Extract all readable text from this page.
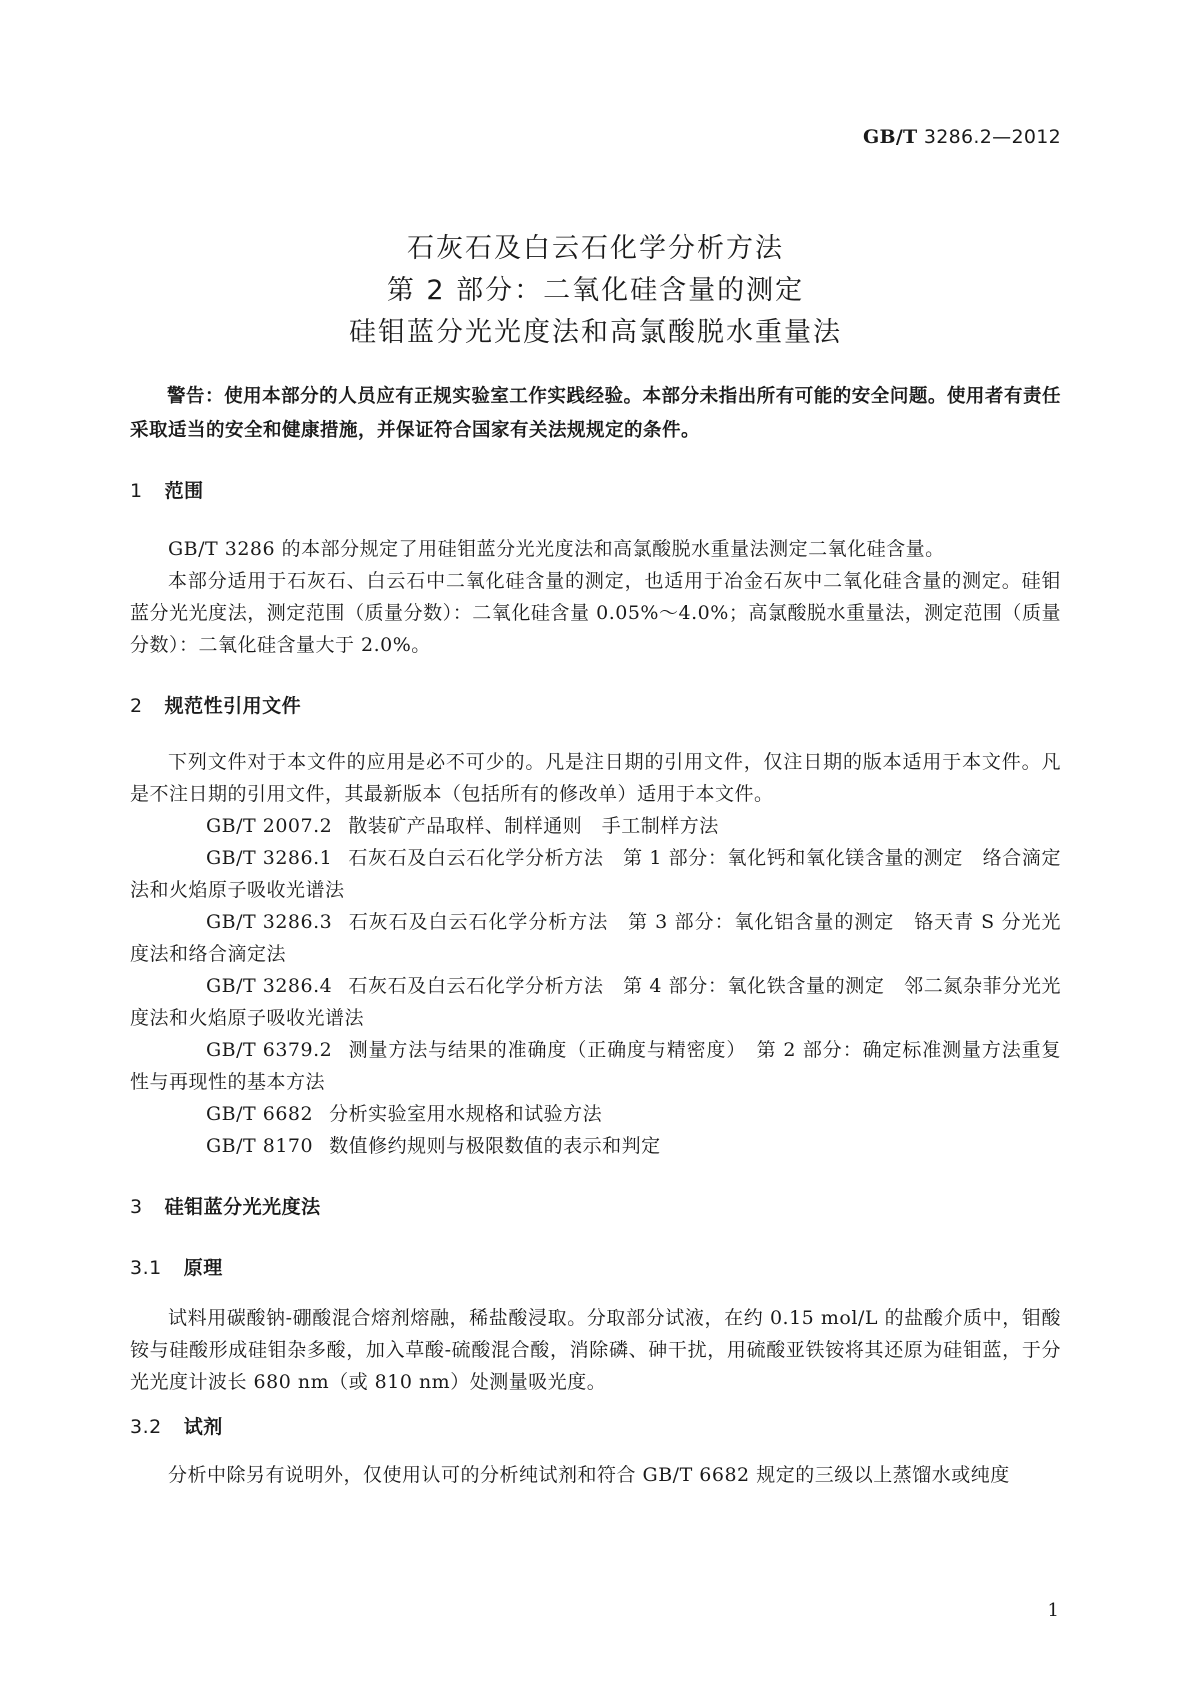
GB/T 3286.2—2012
石灰石及白云石化学分析方法
第 2 部分：二氧化硅含量的测定
硅钼蓝分光光度法和高氯酸脱水重量法

警告：使用本部分的人员应有正规实验室工作实践经验。本部分未指出所有可能的安全问题。使用者有责任采取适当的安全和健康措施，并保证符合国家有关法规规定的条件。

1 范围

GB/T 3286 的本部分规定了用硅钼蓝分光光度法和高氯酸脱水重量法测定二氧化硅含量。

本部分适用于石灰石、白云石中二氧化硅含量的测定，也适用于冶金石灰中二氧化硅含量的测定。硅钼蓝分光光度法，测定范围（质量分数）：二氧化硅含量 0.05%～4.0%；高氯酸脱水重量法，测定范围（质量分数）：二氧化硅含量大于 2.0%。

2 规范性引用文件

下列文件对于本文件的应用是必不可少的。凡是注日期的引用文件，仅注日期的版本适用于本文件。凡是不注日期的引用文件，其最新版本（包括所有的修改单）适用于本文件。

GB/T 2007.2 散装矿产品取样、制样通则　手工制样方法

GB/T 3286.1 石灰石及白云石化学分析方法　第 1 部分：氧化钙和氧化镁含量的测定　络合滴定法和火焰原子吸收光谱法

GB/T 3286.3 石灰石及白云石化学分析方法　第 3 部分：氧化铝含量的测定　铬天青 S 分光光度法和络合滴定法

GB/T 3286.4 石灰石及白云石化学分析方法　第 4 部分：氧化铁含量的测定　邻二氮杂菲分光光度法和火焰原子吸收光谱法

GB/T 6379.2 测量方法与结果的准确度（正确度与精密度）　第 2 部分：确定标准测量方法重复性与再现性的基本方法

GB/T 6682 分析实验室用水规格和试验方法

GB/T 8170 数值修约规则与极限数值的表示和判定

3 硅钼蓝分光光度法
3.1 原理

试料用碳酸钠-硼酸混合熔剂熔融，稀盐酸浸取。分取部分试液，在约 0.15 mol/L 的盐酸介质中，钼酸铵与硅酸形成硅钼杂多酸，加入草酸-硫酸混合酸，消除磷、砷干扰，用硫酸亚铁铵将其还原为硅钼蓝，于分光光度计波长 680 nm（或 810 nm）处测量吸光度。

3.2 试剂

分析中除另有说明外，仅使用认可的分析纯试剂和符合 GB/T 6682 规定的三级以上蒸馏水或纯度

1
